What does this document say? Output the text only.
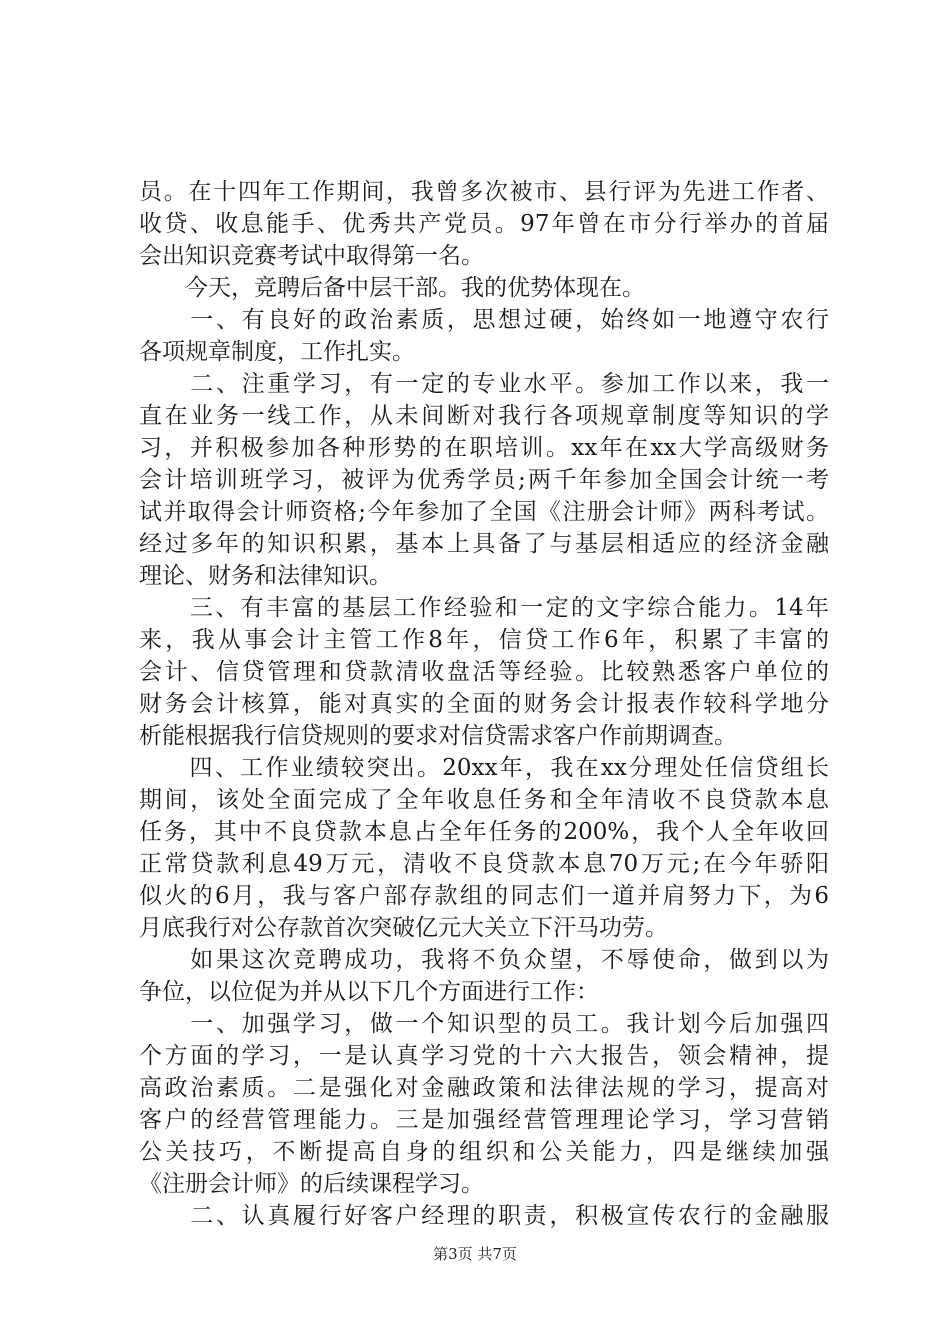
员。在十四年工作期间，我曾多次被市、县行评为先进工作者、
收贷、收息能手、优秀共产党员。97年曾在市分行举办的首届
会出知识竞赛考试中取得第一名。
　　今天，竞聘后备中层干部。我的优势体现在。
　　一、有良好的政治素质，思想过硬，始终如一地遵守农行
各项规章制度，工作扎实。
　　二、注重学习，有一定的专业水平。参加工作以来，我一
直在业务一线工作，从未间断对我行各项规章制度等知识的学
习，并积极参加各种形势的在职培训。xx年在xx大学高级财务
会计培训班学习，被评为优秀学员;两千年参加全国会计统一考
试并取得会计师资格;今年参加了全国《注册会计师》两科考试。
经过多年的知识积累，基本上具备了与基层相适应的经济金融
理论、财务和法律知识。
　　三、有丰富的基层工作经验和一定的文字综合能力。14年
来，我从事会计主管工作8年，信贷工作6年，积累了丰富的
会计、信贷管理和贷款清收盘活等经验。比较熟悉客户单位的
财务会计核算，能对真实的全面的财务会计报表作较科学地分
析能根据我行信贷规则的要求对信贷需求客户作前期调查。
　　四、工作业绩较突出。20xx年，我在xx分理处任信贷组长
期间，该处全面完成了全年收息任务和全年清收不良贷款本息
任务，其中不良贷款本息占全年任务的200%，我个人全年收回
正常贷款利息49万元，清收不良贷款本息70万元;在今年骄阳
似火的6月，我与客户部存款组的同志们一道并肩努力下，为6
月底我行对公存款首次突破亿元大关立下汗马功劳。
　　如果这次竞聘成功，我将不负众望，不辱使命，做到以为
争位，以位促为并从以下几个方面进行工作：
　　一、加强学习，做一个知识型的员工。我计划今后加强四
个方面的学习，一是认真学习党的十六大报告，领会精神，提
高政治素质。二是强化对金融政策和法律法规的学习，提高对
客户的经营管理能力。三是加强经营管理理论学习，学习营销
公关技巧，不断提高自身的组织和公关能力，四是继续加强
《注册会计师》的后续课程学习。
　　二、认真履行好客户经理的职责，积极宣传农行的金融服
第3页 共7页
